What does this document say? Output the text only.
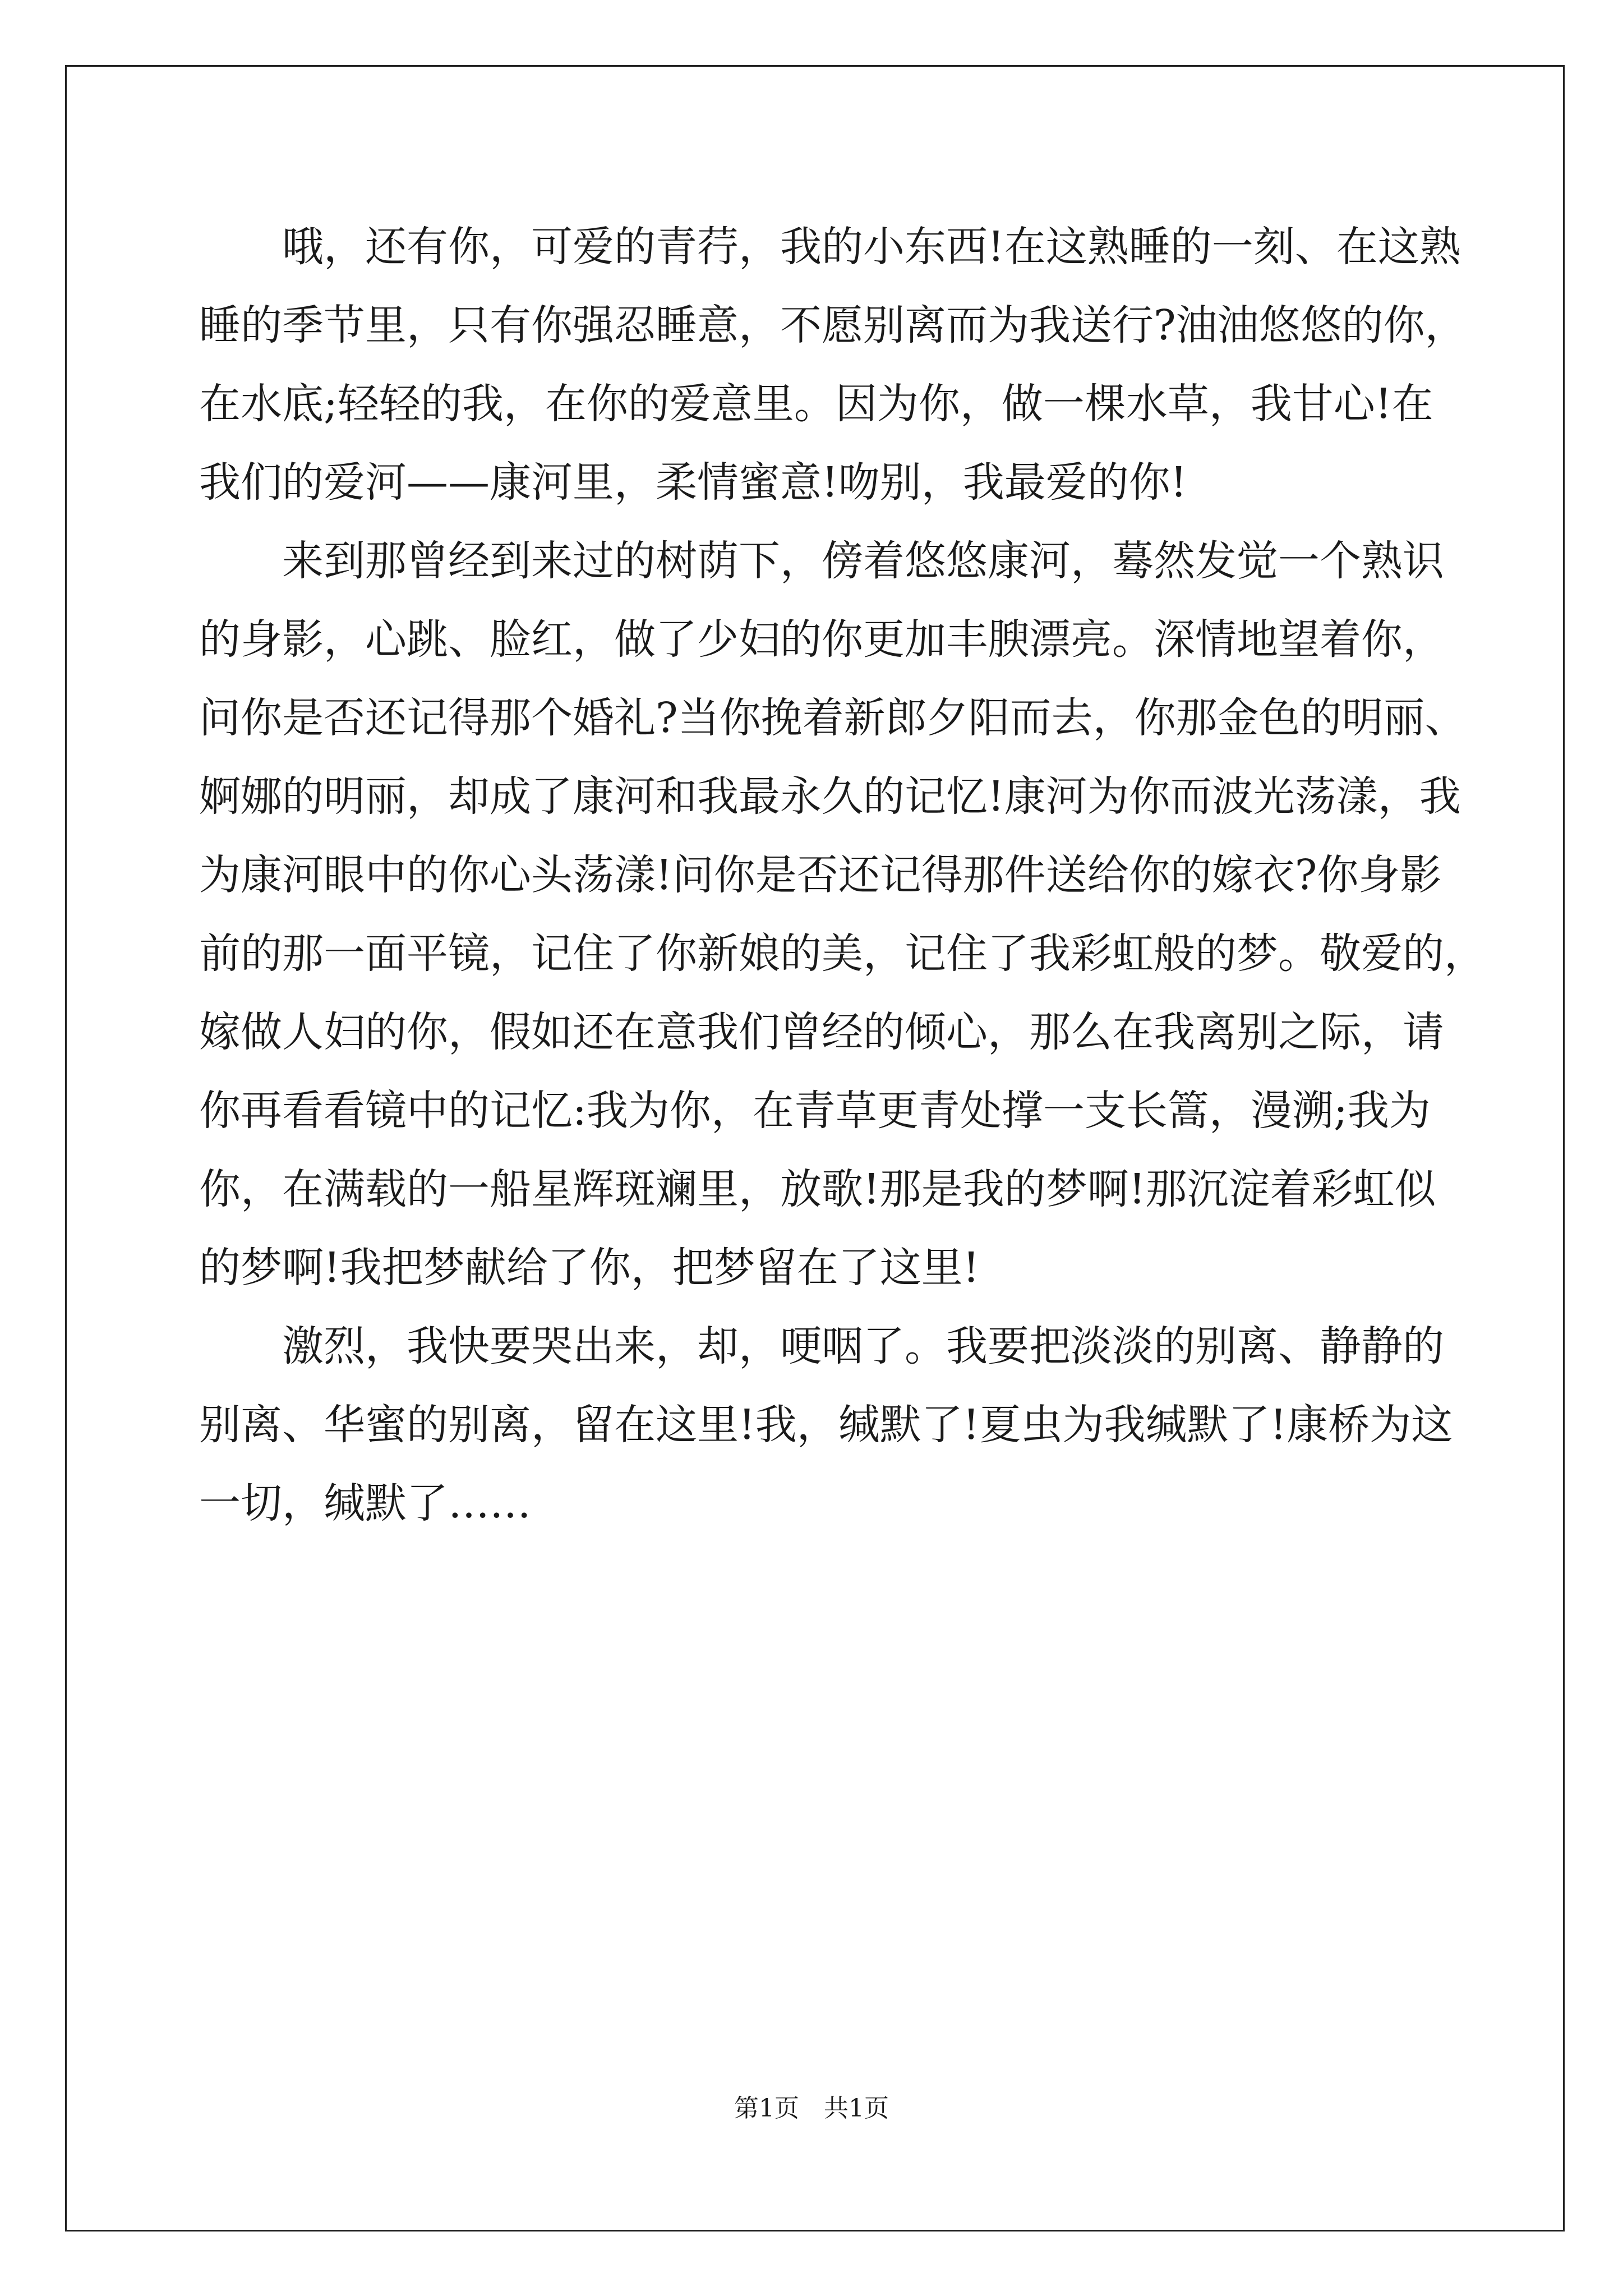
　　哦，还有你，可爱的青荇，我的小东西!在这熟睡的一刻、在这熟
睡的季节里，只有你强忍睡意，不愿别离而为我送行?油油悠悠的你，
在水底;轻轻的我，在你的爱意里。因为你，做一棵水草，我甘心!在
我们的爱河——康河里，柔情蜜意!吻别，我最爱的你!
　　来到那曾经到来过的树荫下，傍着悠悠康河，蓦然发觉一个熟识
的身影，心跳、脸红，做了少妇的你更加丰腴漂亮。深情地望着你，
问你是否还记得那个婚礼?当你挽着新郎夕阳而去，你那金色的明丽、
婀娜的明丽，却成了康河和我最永久的记忆!康河为你而波光荡漾，我
为康河眼中的你心头荡漾!问你是否还记得那件送给你的嫁衣?你身影
前的那一面平镜，记住了你新娘的美，记住了我彩虹般的梦。敬爱的，
嫁做人妇的你，假如还在意我们曾经的倾心，那么在我离别之际，请
你再看看镜中的记忆:我为你，在青草更青处撑一支长篙，漫溯;我为
你，在满载的一船星辉斑斓里，放歌!那是我的梦啊!那沉淀着彩虹似
的梦啊!我把梦献给了你，把梦留在了这里!
　　激烈，我快要哭出来，却，哽咽了。我要把淡淡的别离、静静的
别离、华蜜的别离，留在这里!我，缄默了!夏虫为我缄默了!康桥为这
一切，缄默了……
第1页　共1页
